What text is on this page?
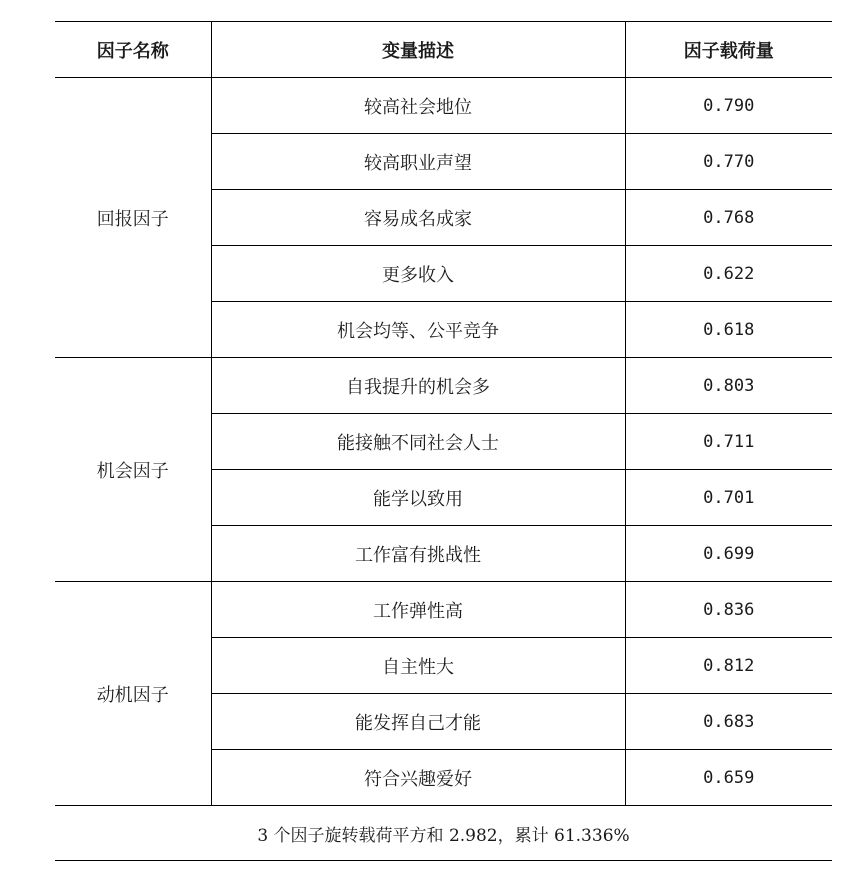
因子名称	变量描述	因子载荷量
回报因子	较高社会地位	0.790
	较高职业声望	0.770
	容易成名成家	0.768
	更多收入	0.622
	机会均等、公平竞争	0.618
机会因子	自我提升的机会多	0.803
	能接触不同社会人士	0.711
	能学以致用	0.701
	工作富有挑战性	0.699
动机因子	工作弹性高	0.836
	自主性大	0.812
	能发挥自己才能	0.683
	符合兴趣爱好	0.659
3 个因子旋转载荷平方和 2.982，累计 61.336%		
